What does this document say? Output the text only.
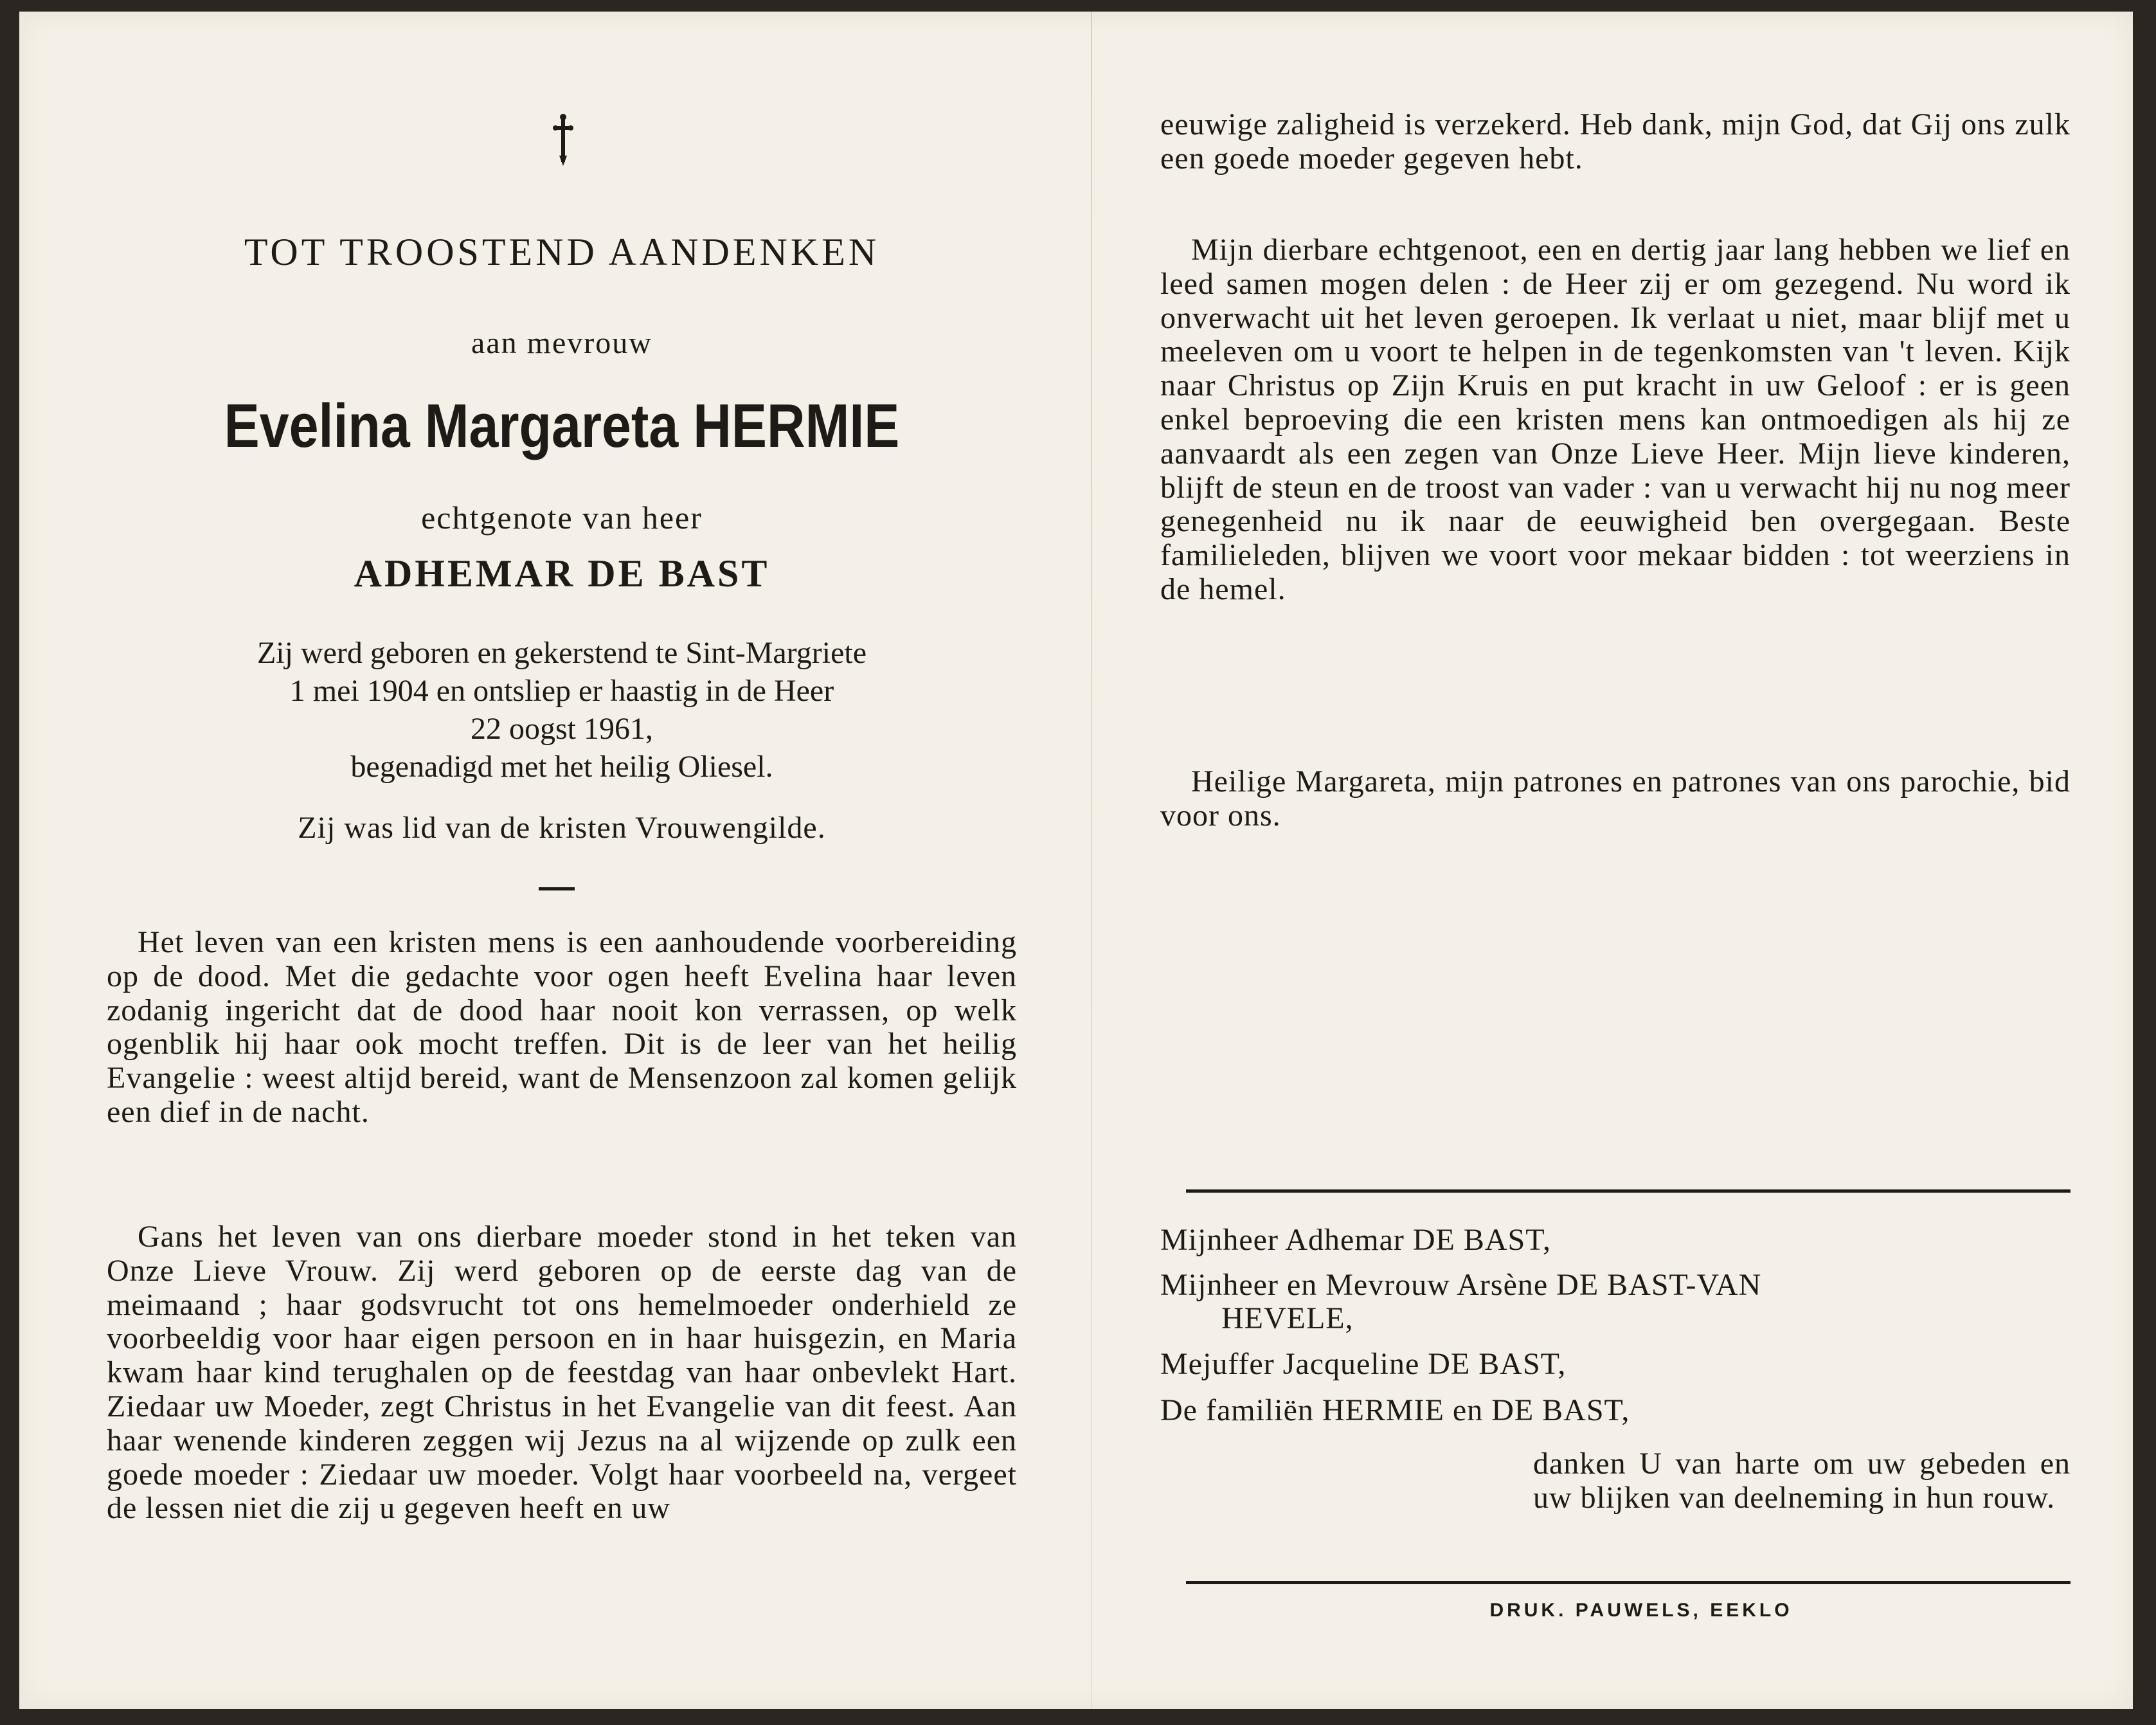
TOT TROOSTEND AANDENKEN
aan mevrouw
Evelina Margareta HERMIE
echtgenote van heer
ADHEMAR DE BAST
Zij werd geboren en gekerstend te Sint-Margriete
1 mei 1904 en ontsliep er haastig in de Heer
22 oogst 1961,
begenadigd met het heilig Oliesel.
Zij was lid van de kristen Vrouwengilde.
Het leven van een kristen mens is een aanhoudende voorbereiding op de dood. Met die gedachte voor ogen heeft Evelina haar leven zodanig ingericht dat de dood haar nooit kon verrassen, op welk ogenblik hij haar ook mocht treffen. Dit is de leer van het heilig Evangelie : weest altijd bereid, want de Mensenzoon zal komen gelijk een dief in de nacht.
Gans het leven van ons dierbare moeder stond in het teken van Onze Lieve Vrouw. Zij werd geboren op de eerste dag van de meimaand ; haar godsvrucht tot ons hemelmoeder onderhield ze voorbeeldig voor haar eigen persoon en in haar huisgezin, en Maria kwam haar kind terughalen op de feestdag van haar onbevlekt Hart. Ziedaar uw Moeder, zegt Christus in het Evangelie van dit feest. Aan haar wenende kinderen zeggen wij Jezus na al wijzende op zulk een goede moeder : Ziedaar uw moeder. Volgt haar voorbeeld na, vergeet de lessen niet die zij u gegeven heeft en uw
eeuwige zaligheid is verzekerd. Heb dank, mijn God, dat Gij ons zulk een goede moeder gegeven hebt.
Mijn dierbare echtgenoot, een en dertig jaar lang hebben we lief en leed samen mogen delen : de Heer zij er om gezegend. Nu word ik onverwacht uit het leven geroepen. Ik verlaat u niet, maar blijf met u meeleven om u voort te helpen in de tegenkomsten van 't leven. Kijk naar Christus op Zijn Kruis en put kracht in uw Geloof : er is geen enkel beproeving die een kristen mens kan ontmoedigen als hij ze aanvaardt als een zegen van Onze Lieve Heer. Mijn lieve kinderen, blijft de steun en de troost van vader : van u verwacht hij nu nog meer genegenheid nu ik naar de eeuwigheid ben overgegaan. Beste familieleden, blijven we voort voor mekaar bidden : tot weerziens in de hemel.
Heilige Margareta, mijn patrones en patrones van ons parochie, bid voor ons.
Mijnheer Adhemar DE BAST,
Mijnheer en Mevrouw Arsène DE BAST-VAN
HEVELE,
Mejuffer Jacqueline DE BAST,
De familiën HERMIE en DE BAST,
danken U van harte om uw gebeden en uw blijken van deelneming in hun rouw.
DRUK. PAUWELS, EEKLO
